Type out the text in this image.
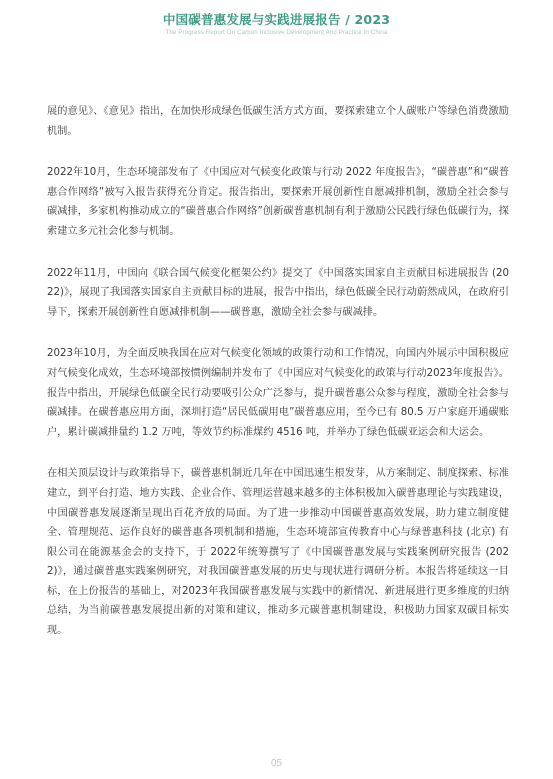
中国碳普惠发展与实践进展报告 / 2023
The Progress Report On Carbon Inclusive Development And Practice In China

展的意见》、《意见》指出，在加快形成绿色低碳生活方式方面，要探索建立个人碳账户等绿色消费激励机制。

2022年10月，生态环境部发布了《中国应对气候变化政策与行动 2022 年度报告》，“碳普惠”和“碳普惠合作网络”被写入报告获得充分肯定。报告指出，要探索开展创新性自愿减排机制，激励全社会参与碳减排，多家机构推动成立的“碳普惠合作网络”创新碳普惠机制有利于激励公民践行绿色低碳行为，探索建立多元社会化参与机制。

2022年11月，中国向《联合国气候变化框架公约》提交了《中国落实国家自主贡献目标进展报告 (2022)》，展现了我国落实国家自主贡献目标的进展，报告中指出，绿色低碳全民行动蔚然成风，在政府引导下，探索开展创新性自愿减排机制——碳普惠，激励全社会参与碳减排。

2023年10月，为全面反映我国在应对气候变化领域的政策行动和工作情况，向国内外展示中国积极应对气候变化成效，生态环境部按惯例编制并发布了《中国应对气候变化的政策与行动2023年度报告》。报告中指出，开展绿色低碳全民行动要吸引公众广泛参与，提升碳普惠公众参与程度，激励全社会参与碳减排。在碳普惠应用方面，深圳打造“居民低碳用电”碳普惠应用，至今已有 80.5 万户家庭开通碳账户，累计碳减排量约 1.2 万吨，等效节约标准煤约 4516 吨，并举办了绿色低碳亚运会和大运会。

在相关顶层设计与政策指导下，碳普惠机制近几年在中国迅速生根发芽，从方案制定、制度探索、标准建立，到平台打造、地方实践、企业合作、管理运营越来越多的主体积极加入碳普惠理论与实践建设，中国碳普惠发展逐渐呈现出百花齐放的局面。为了进一步推动中国碳普惠高效发展，助力建立制度健全、管理规范、运作良好的碳普惠各项机制和措施，生态环境部宣传教育中心与绿普惠科技 (北京) 有限公司在能源基金会的支持下，于 2022年统筹撰写了《中国碳普惠发展与实践案例研究报告 (2022)》，通过碳普惠实践案例研究，对我国碳普惠发展的历史与现状进行调研分析。本报告将延续这一目标，在上份报告的基础上，对2023年我国碳普惠发展与实践中的新情况、新进展进行更多维度的归纳总结，为当前碳普惠发展提出新的对策和建议，推动多元碳普惠机制建设，积极助力国家双碳目标实现。

05
